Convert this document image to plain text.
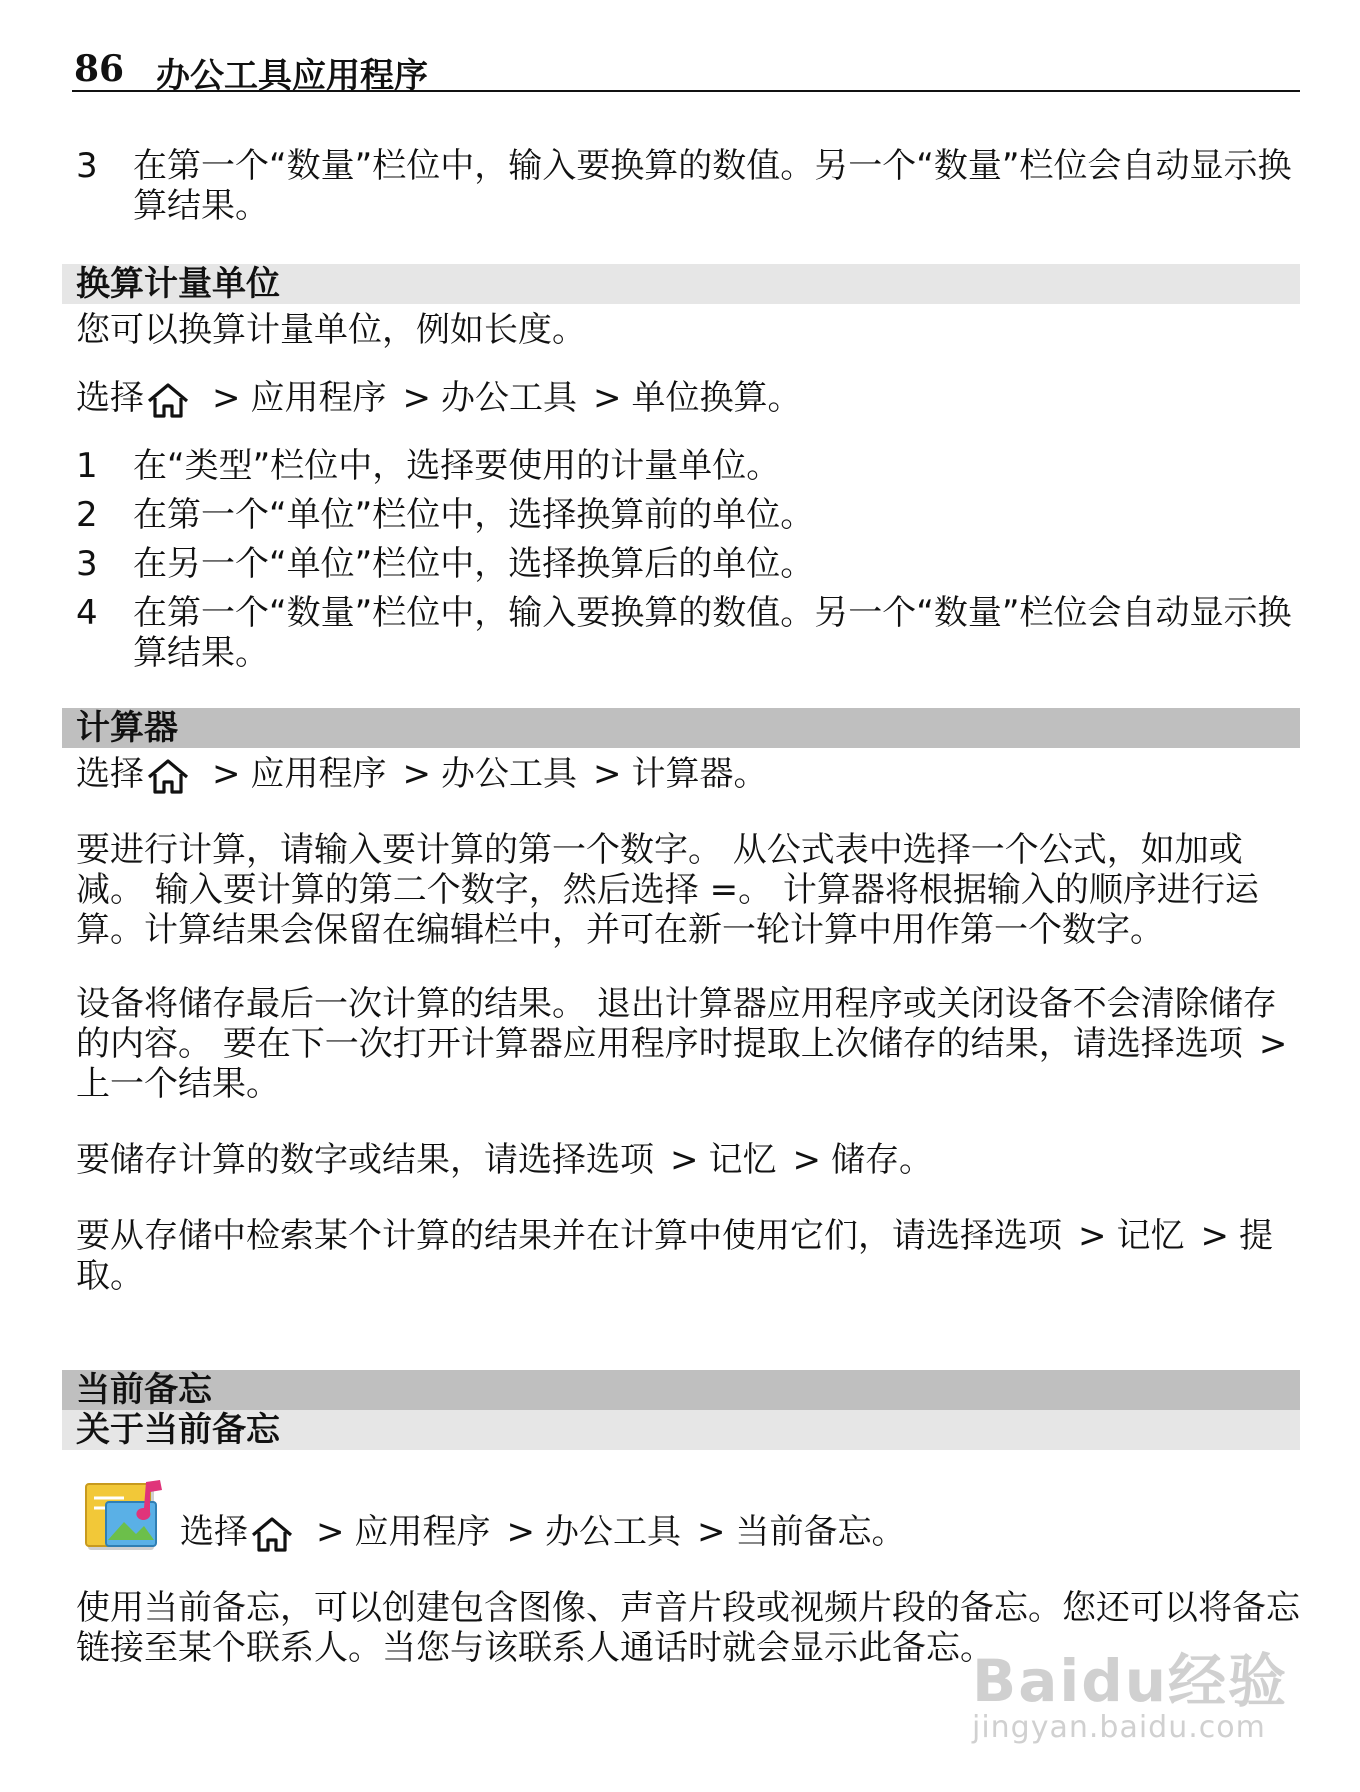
86 办公工具应用程序
3 在第一个“数量”栏位中，输入要换算的数值。另一个“数量”栏位会自动显示换算结果。
换算计量单位
您可以换算计量单位，例如长度。
选择 > 应用程序 > 办公工具 > 单位换算。
1 在“类型”栏位中，选择要使用的计量单位。
2 在第一个“单位”栏位中，选择换算前的单位。
3 在另一个“单位”栏位中，选择换算后的单位。
4 在第一个“数量”栏位中，输入要换算的数值。另一个“数量”栏位会自动显示换算结果。
计算器
选择 > 应用程序 > 办公工具 > 计算器。
要进行计算，请输入要计算的第一个数字。 从公式表中选择一个公式，如加或减。 输入要计算的第二个数字，然后选择 =。 计算器将根据输入的顺序进行运算。计算结果会保留在编辑栏中，并可在新一轮计算中用作第一个数字。
设备将储存最后一次计算的结果。 退出计算器应用程序或关闭设备不会清除储存的内容。 要在下一次打开计算器应用程序时提取上次储存的结果，请选择选项 >上一个结果。
要储存计算的数字或结果，请选择选项 > 记忆 > 储存。
要从存储中检索某个计算的结果并在计算中使用它们，请选择选项 > 记忆 > 提取。
当前备忘
关于当前备忘
选择 > 应用程序 > 办公工具 > 当前备忘。
使用当前备忘，可以创建包含图像、声音片段或视频片段的备忘。您还可以将备忘链接至某个联系人。当您与该联系人通话时就会显示此备忘。
Baidu经验
jingyan.baidu.com
